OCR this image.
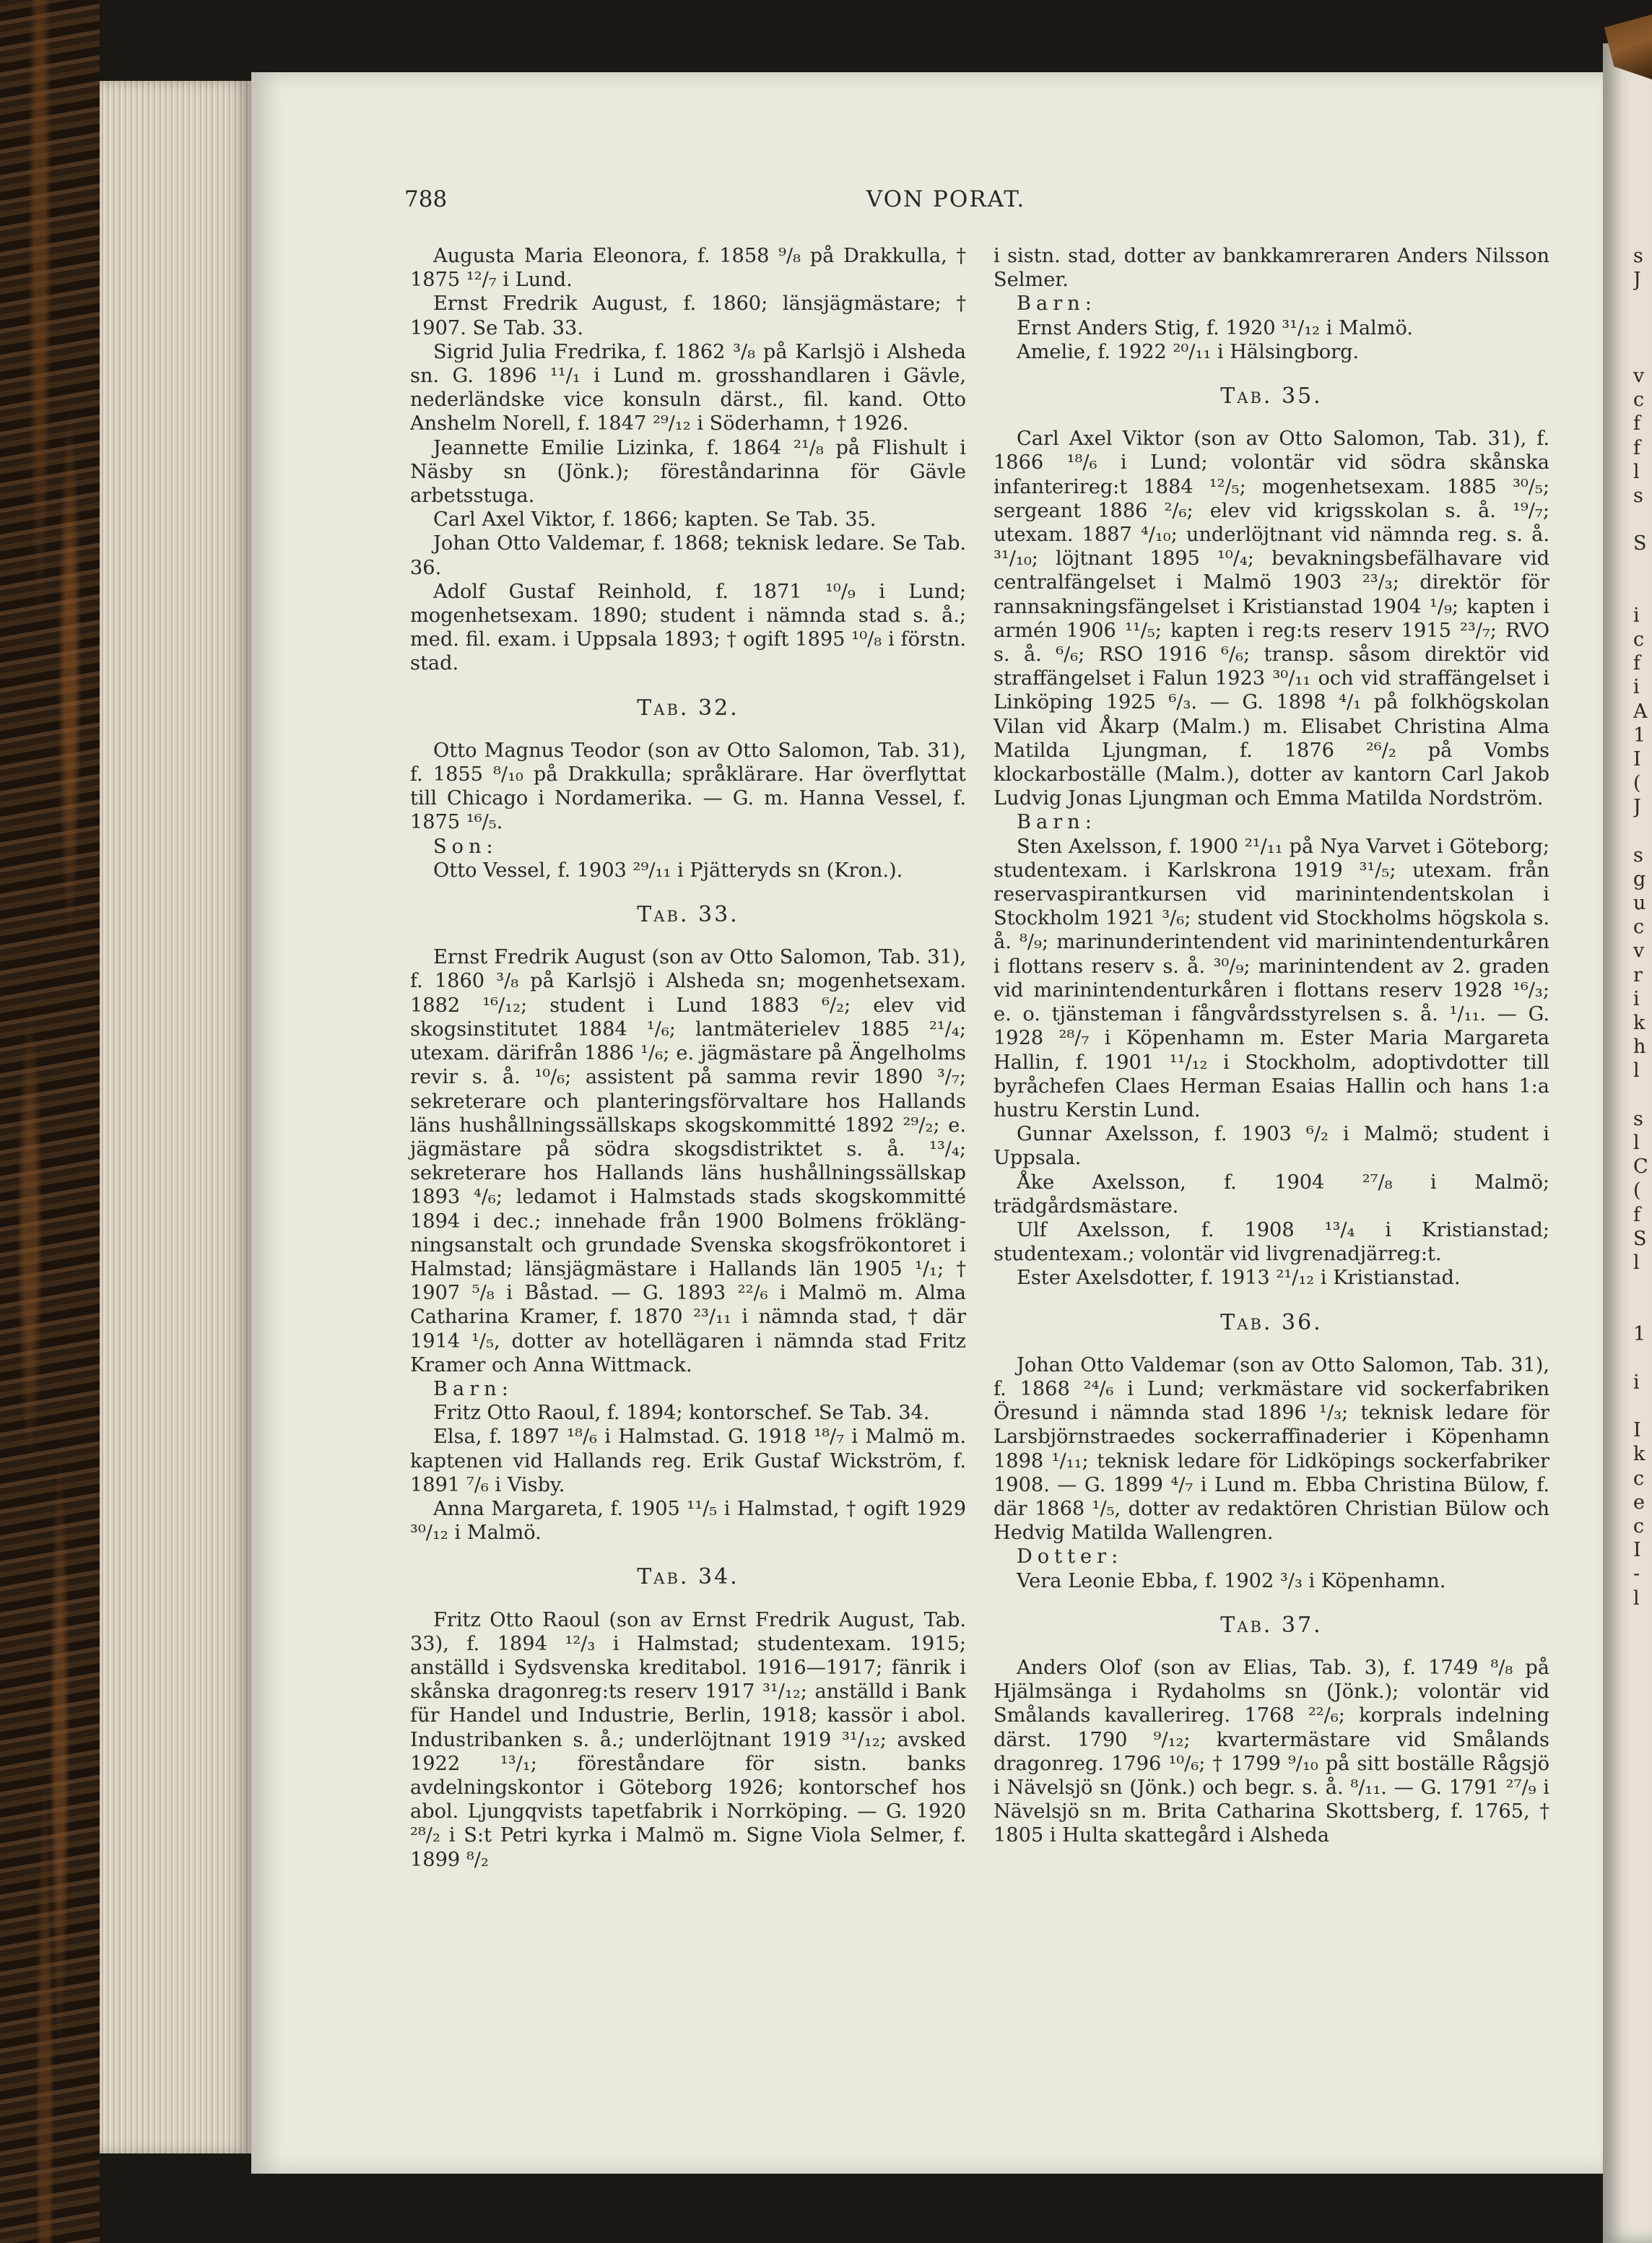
788	VON PORAT.

Augusta Maria Eleonora, f. 1858 ⁹/₈ på Drakkulla, † 1875 ¹²/₇ i Lund.

Ernst Fredrik August, f. 1860; länsjägmästare; † 1907. Se Tab. 33.

Sigrid Julia Fredrika, f. 1862 ³/₈ på Karlsjö i Alsheda sn. G. 1896 ¹¹/₁ i Lund m. grosshandlaren i Gävle, nederländske vice konsuln därst., fil. kand. Otto Anshelm Norell, f. 1847 ²⁹/₁₂ i Söderhamn, † 1926.

Jeannette Emilie Lizinka, f. 1864 ²¹/₈ på Flishult i Näsby sn (Jönk.); föreståndarinna för Gävle arbetsstuga.

Carl Axel Viktor, f. 1866; kapten. Se Tab. 35.

Johan Otto Valdemar, f. 1868; teknisk ledare. Se Tab. 36.

Adolf Gustaf Reinhold, f. 1871 ¹⁰/₉ i Lund; mogenhetsexam. 1890; student i nämnda stad s. å.; med. fil. exam. i Uppsala 1893; † ogift 1895 ¹⁰/₈ i förstn. stad.

Tab. 32.

Otto Magnus Teodor (son av Otto Salomon, Tab. 31), f. 1855 ⁸/₁₀ på Drakkulla; språklärare. Har överflyttat till Chicago i Nordamerika. — G. m. Hanna Vessel, f. 1875 ¹⁶/₅.

Son:

Otto Vessel, f. 1903 ²⁹/₁₁ i Pjätteryds sn (Kron.).

Tab. 33.

Ernst Fredrik August (son av Otto Salomon, Tab. 31), f. 1860 ³/₈ på Karlsjö i Alsheda sn; mogenhetsexam. 1882 ¹⁶/₁₂; student i Lund 1883 ⁶/₂; elev vid skogsinstitutet 1884 ¹/₆; lantmäterielev 1885 ²¹/₄; utexam. därifrån 1886 ¹/₆; e. jägmästare på Ängelholms revir s. å. ¹⁰/₆; assistent på samma revir 1890 ³/₇; sekreterare och planteringsförvaltare hos Hallands läns hushållningssällskaps skogskommitté 1892 ²⁹/₂; e. jägmästare på södra skogsdistriktet s. å. ¹³/₄; sekreterare hos Hallands läns hushållningssällskap 1893 ⁴/₆; ledamot i Halmstads stads skogskommitté 1894 i dec.; innehade från 1900 Bolmens fröklängningsanstalt och grundade Svenska skogsfrökontoret i Halmstad; länsjägmästare i Hallands län 1905 ¹/₁; † 1907 ⁵/₈ i Båstad. — G. 1893 ²²/₆ i Malmö m. Alma Catharina Kramer, f. 1870 ²³/₁₁ i nämnda stad, † där 1914 ¹/₅, dotter av hotellägaren i nämnda stad Fritz Kramer och Anna Wittmack.

Barn:

Fritz Otto Raoul, f. 1894; kontorschef. Se Tab. 34.

Elsa, f. 1897 ¹⁸/₆ i Halmstad. G. 1918 ¹⁸/₇ i Malmö m. kaptenen vid Hallands reg. Erik Gustaf Wickström, f. 1891 ⁷/₆ i Visby.

Anna Margareta, f. 1905 ¹¹/₅ i Halmstad, † ogift 1929 ³⁰/₁₂ i Malmö.

Tab. 34.

Fritz Otto Raoul (son av Ernst Fredrik August, Tab. 33), f. 1894 ¹²/₃ i Halmstad; studentexam. 1915; anställd i Sydsvenska kreditabol. 1916—1917; fänrik i skånska dragonreg:ts reserv 1917 ³¹/₁₂; anställd i Bank für Handel und Industrie, Berlin, 1918; kassör i abol. Industribanken s. å.; underlöjtnant 1919 ³¹/₁₂; avsked 1922 ¹³/₁; föreståndare för sistn. banks avdelningskontor i Göteborg 1926; kontorschef hos abol. Ljungqvists tapetfabrik i Norrköping. — G. 1920 ²⁸/₂ i S:t Petri kyrka i Malmö m. Signe Viola Selmer, f. 1899 ⁸/₂

i sistn. stad, dotter av bankkamreraren Anders Nilsson Selmer.

Barn:

Ernst Anders Stig, f. 1920 ³¹/₁₂ i Malmö.

Amelie, f. 1922 ²⁰/₁₁ i Hälsingborg.

Tab. 35.

Carl Axel Viktor (son av Otto Salomon, Tab. 31), f. 1866 ¹⁸/₆ i Lund; volontär vid södra skånska infanterireg:t 1884 ¹²/₅; mogenhetsexam. 1885 ³⁰/₅; sergeant 1886 ²/₆; elev vid krigsskolan s. å. ¹⁹/₇; utexam. 1887 ⁴/₁₀; underlöjtnant vid nämnda reg. s. å. ³¹/₁₀; löjtnant 1895 ¹⁰/₄; bevakningsbefälhavare vid centralfängelset i Malmö 1903 ²³/₃; direktör för rannsakningsfängelset i Kristianstad 1904 ¹/₉; kapten i armén 1906 ¹¹/₅; kapten i reg:ts reserv 1915 ²³/₇; RVO s. å. ⁶/₆; RSO 1916 ⁶/₆; transp. såsom direktör vid straffängelset i Falun 1923 ³⁰/₁₁ och vid straffängelset i Linköping 1925 ⁶/₃. — G. 1898 ⁴/₁ på folkhögskolan Vilan vid Åkarp (Malm.) m. Elisabet Christina Alma Matilda Ljungman, f. 1876 ²⁶/₂ på Vombs klockarboställe (Malm.), dotter av kantorn Carl Jakob Ludvig Jonas Ljungman och Emma Matilda Nordström.

Barn:

Sten Axelsson, f. 1900 ²¹/₁₁ på Nya Varvet i Göteborg; studentexam. i Karlskrona 1919 ³¹/₅; utexam. från reservaspirantkursen vid marinintendentskolan i Stockholm 1921 ³/₆; student vid Stockholms högskola s. å. ⁸/₉; marinunderintendent vid marinintendenturkåren i flottans reserv s. å. ³⁰/₉; marinintendent av 2. graden vid marinintendenturkåren i flottans reserv 1928 ¹⁶/₃; e. o. tjänsteman i fångvårdsstyrelsen s. å. ¹/₁₁. — G. 1928 ²⁸/₇ i Köpenhamn m. Ester Maria Margareta Hallin, f. 1901 ¹¹/₁₂ i Stockholm, adoptivdotter till byråchefen Claes Herman Esaias Hallin och hans 1:a hustru Kerstin Lund.

Gunnar Axelsson, f. 1903 ⁶/₂ i Malmö; student i Uppsala.

Åke Axelsson, f. 1904 ²⁷/₈ i Malmö; trädgårdsmästare.

Ulf Axelsson, f. 1908 ¹³/₄ i Kristianstad; studentexam.; volontär vid livgrenadjärreg:t.

Ester Axelsdotter, f. 1913 ²¹/₁₂ i Kristianstad.

Tab. 36.

Johan Otto Valdemar (son av Otto Salomon, Tab. 31), f. 1868 ²⁴/₆ i Lund; verkmästare vid sockerfabriken Öresund i nämnda stad 1896 ¹/₃; teknisk ledare för Larsbjörnstraedes sockerraffinaderier i Köpenhamn 1898 ¹/₁₁; teknisk ledare för Lidköpings sockerfabriker 1908. — G. 1899 ⁴/₇ i Lund m. Ebba Christina Bülow, f. där 1868 ¹/₅, dotter av redaktören Christian Bülow och Hedvig Matilda Wallengren.

Dotter:

Vera Leonie Ebba, f. 1902 ³/₃ i Köpenhamn.

Tab. 37.

Anders Olof (son av Elias, Tab. 3), f. 1749 ⁸/₈ på Hjälmsänga i Rydaholms sn (Jönk.); volontär vid Smålands kavallerireg. 1768 ²²/₆; korprals indelning därst. 1790 ⁹/₁₂; kvartermästare vid Smålands dragonreg. 1796 ¹⁰/₆; † 1799 ⁹/₁₀ på sitt boställe Rågsjö i Nävelsjö sn (Jönk.) och begr. s. å. ⁸/₁₁. — G. 1791 ²⁷/₉ i Nävelsjö sn m. Brita Catharina Skottsberg, f. 1765, † 1805 i Hulta skattegård i Alsheda

s
J
v
c
f
f
l
s
S
i
c
f
i
A
1
I
(
J
s
g
u
c
v
r
i
k
h
l
s
l
C
(
f
S
l
1
i
I
k
c
e
c
I
-
l
